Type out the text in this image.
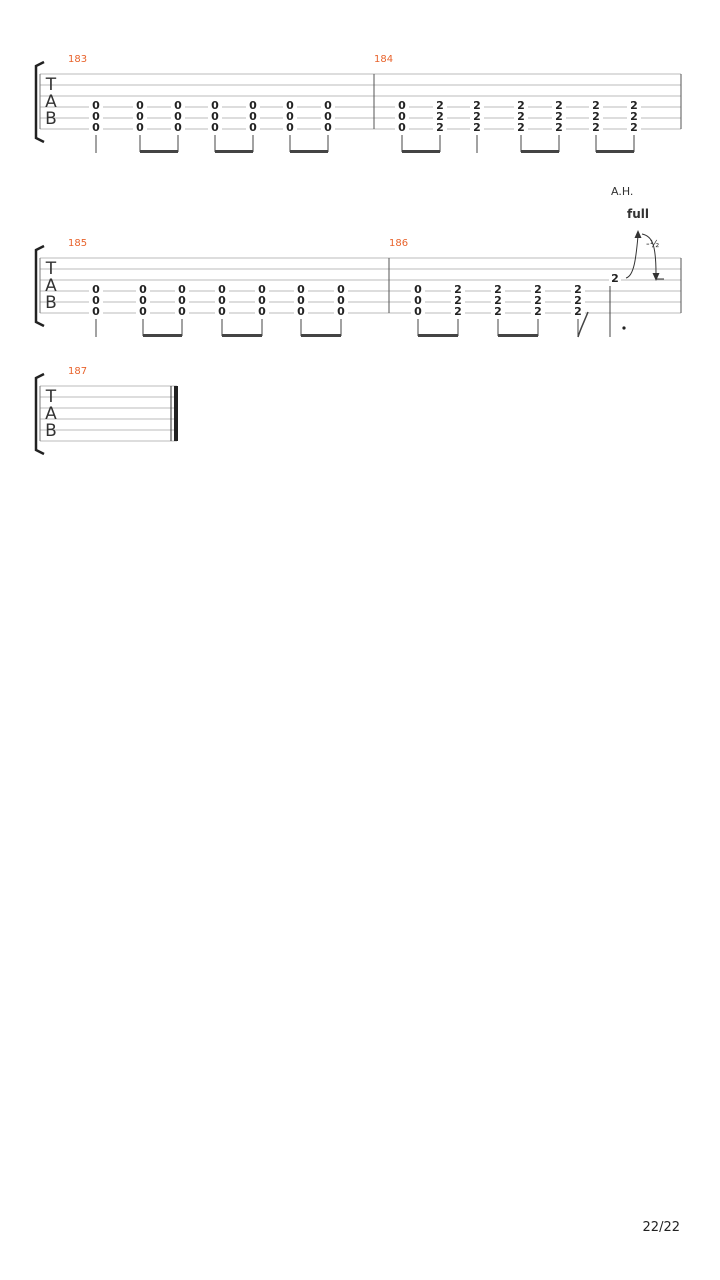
T
A
B
183	184
0
0
0
0
0
0
0
0
0
0
0
0
0
0
0
0
0
0
0
0
0
0
0
0
2
2
2
2
2
2
2
2
2
2
2
2
2
2
2
2
2
2
T
A
B
185	186
0
0
0
0
0
0
0
0
0
0
0
0
0
0
0
0
0
0
0
0
0
0
0
0
2
2
2
2
2
2
2
2
2
2
2
2
A.H.
full
2
-½
T
A
B
187
22/22
